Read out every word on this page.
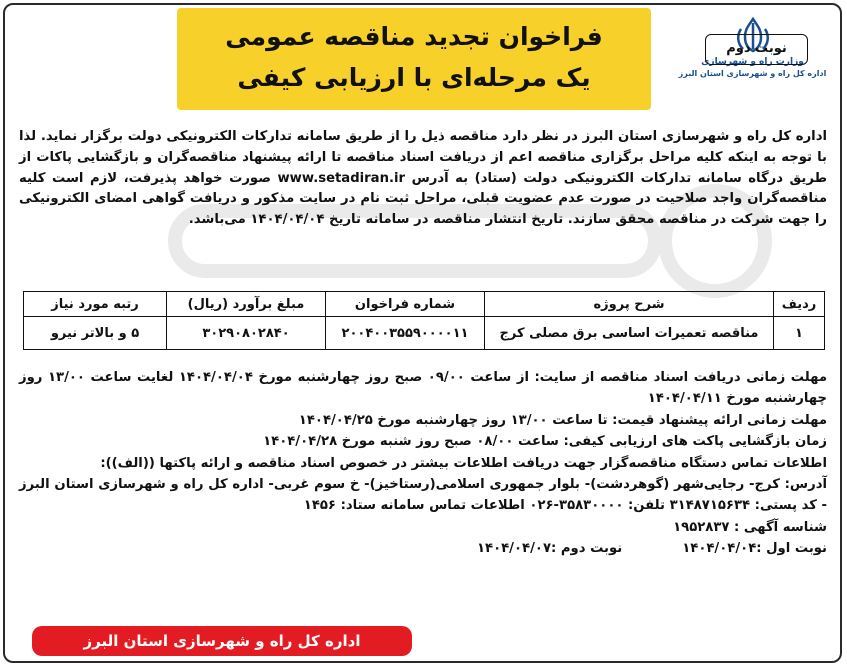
وزارت راه و شهرسازی
اداره کل راه و شهرسازی استان البرز
فراخوان تجدید مناقصه عمومی
یک مرحله‌ای با ارزیابی کیفی
نوبت دوم
اداره کل راه و شهرسازی استان البرز در نظر دارد مناقصه ذیل را از طریق سامانه تدارکات الکترونیکی دولت برگزار نماید. لذا با توجه به اینکه کلیه مراحل برگزاری مناقصه اعم از دریافت اسناد مناقصه تا ارائه پیشنهاد مناقصه‌گران و بازگشایی پاکات از طریق درگاه سامانه تدارکات الکترونیکی دولت (ستاد) به آدرس www.setadiran.ir صورت خواهد پذیرفت، لازم است کلیه مناقصه‌گران واجد صلاحیت در صورت عدم عضویت قبلی، مراحل ثبت نام در سایت مذکور و دریافت گواهی امضای الکترونیکی را جهت شرکت در مناقصه محقق سازند. تاریخ انتشار مناقصه در سامانه تاریخ ۱۴۰۴/۰۴/۰۴ می‌باشد.
ردیف	شرح پروژه	شماره فراخوان	مبلغ برآورد (ریال)	رتبه مورد نیاز
۱	مناقصه تعمیرات اساسی برق مصلی کرج	۲۰۰۴۰۰۳۵۵۹۰۰۰۰۱۱	۳۰۲۹۰۸۰۲۸۴۰	۵ و بالاتر نیرو

مهلت زمانی دریافت اسناد مناقصه از سایت: از ساعت ۰۹/۰۰ صبح روز چهارشنبه مورخ ۱۴۰۴/۰۴/۰۴ لغایت ساعت ۱۳/۰۰ روز چهارشنبه مورخ ۱۴۰۴/۰۴/۱۱

مهلت زمانی ارائه پیشنهاد قیمت: تا ساعت ۱۳/۰۰ روز چهارشنبه مورخ ۱۴۰۴/۰۴/۲۵

زمان بازگشایی پاکت های ارزیابی کیفی: ساعت ۰۸/۰۰ صبح روز شنبه مورخ ۱۴۰۴/۰۴/۲۸

اطلاعات تماس دستگاه مناقصه‌گزار جهت دریافت اطلاعات بیشتر در خصوص اسناد مناقصه و ارائه پاکتها ((الف)):

آدرس: کرج- رجایی‌شهر (گوهردشت)- بلوار جمهوری اسلامی(رستاخیز)- خ سوم غربی- اداره کل راه و شهرسازی استان البرز - کد پستی: ۳۱۴۸۷۱۵۶۳۴ تلفن: ۳۵۸۳۰۰۰۰-۰۲۶ اطلاعات تماس سامانه ستاد: ۱۴۵۶

شناسه آگهی : ۱۹۵۲۸۳۷

نوبت اول :۱۴۰۴/۰۴/۰۴
نوبت دوم :۱۴۰۴/۰۴/۰۷
اداره کل راه و شهرسازی استان البرز
